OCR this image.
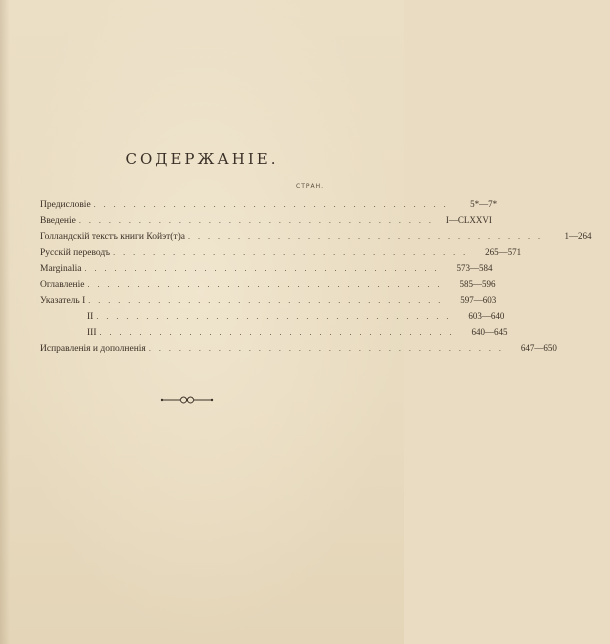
СОДЕРЖАНІЕ.
СТРАН.
Предисловіе . . . . . . . . . . . . . . . . . . . . . . . . . . . . . . . . . . . .	5*—7*
Введеніе . . . . . . . . . . . . . . . . . . . . . . . . . . . . . . . . . . . .	I—CLXXVI
Голландскій текстъ книги Койэт(т)а . . . . . . . . . . . . . . . . . . . . . . . . . . . . . . . . . . . .	1—264
Русскій переводъ . . . . . . . . . . . . . . . . . . . . . . . . . . . . . . . . . . . .	265—571
Marginalia . . . . . . . . . . . . . . . . . . . . . . . . . . . . . . . . . . . .	573—584
Оглавленіе . . . . . . . . . . . . . . . . . . . . . . . . . . . . . . . . . . . .	585—596
Указатель I . . . . . . . . . . . . . . . . . . . . . . . . . . . . . . . . . . . .	597—603
II . . . . . . . . . . . . . . . . . . . . . . . . . . . . . . . . . . . .	603—640
III . . . . . . . . . . . . . . . . . . . . . . . . . . . . . . . . . . . .	640—645
Исправленія и дополненія . . . . . . . . . . . . . . . . . . . . . . . . . . . . . . . . . . . .	647—650
